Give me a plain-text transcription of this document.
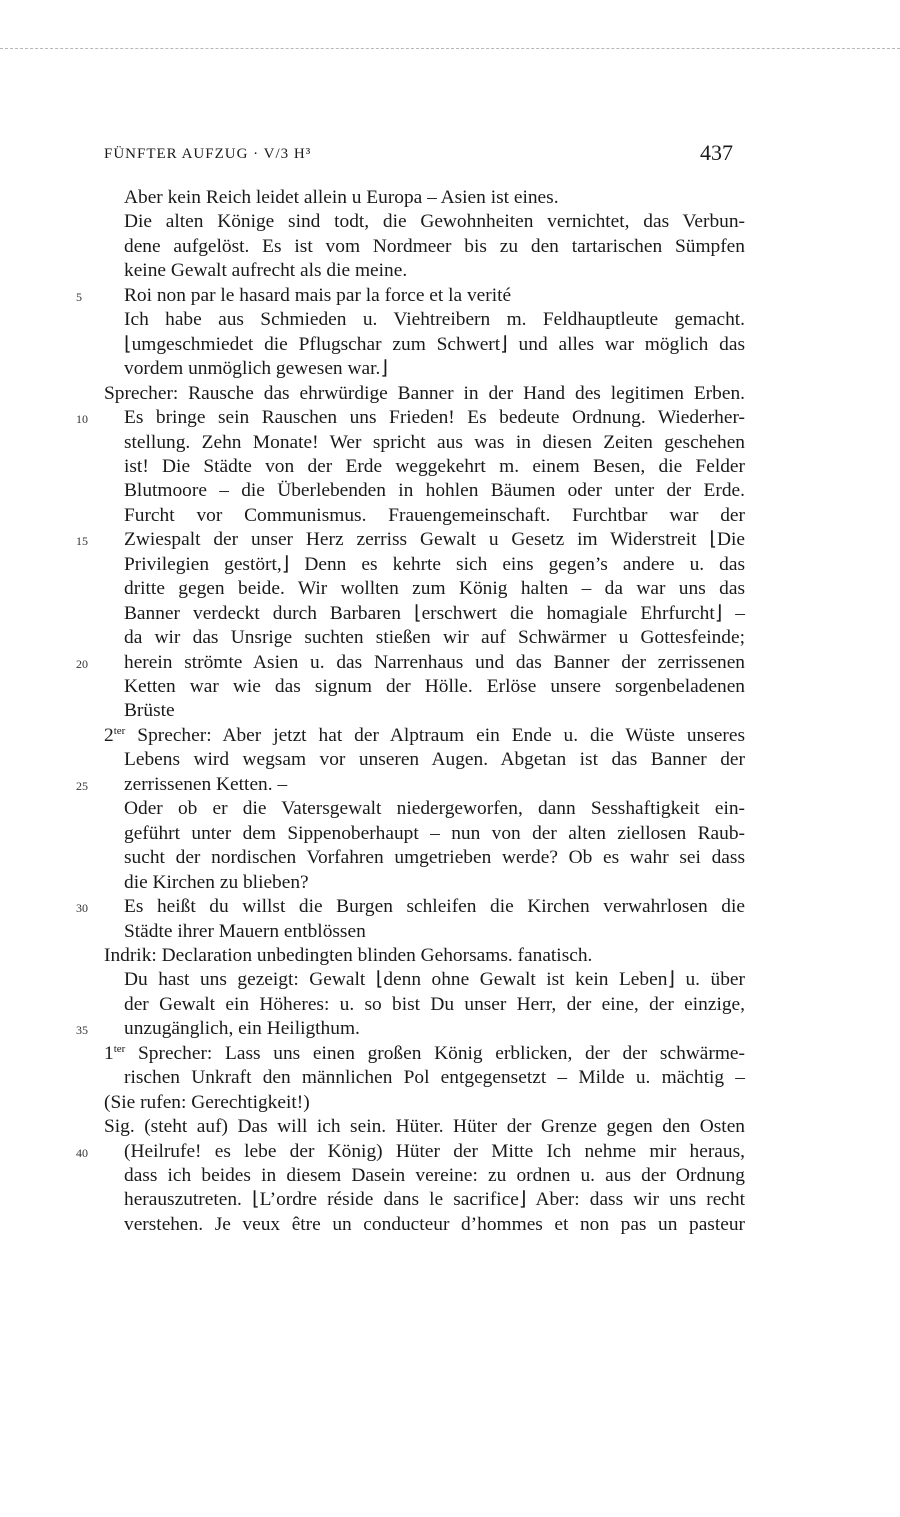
FÜNFTER AUFZUG · V/3 H³	437
Aber kein Reich leidet allein u Europa – Asien ist eines.
Die alten Könige sind todt, die Gewohnheiten vernichtet, das Verbun-
dene aufgelöst. Es ist vom Nordmeer bis zu den tartarischen Sümpfen
keine Gewalt aufrecht als die meine.
Roi non par le hasard mais par la force et la verité
5
Ich habe aus Schmieden u. Viehtreibern m. Feldhauptleute gemacht.
⌊umgeschmiedet die Pflugschar zum Schwert⌋ und alles war möglich das
vordem unmöglich gewesen war.⌋
Sprecher: Rausche das ehrwürdige Banner in der Hand des legitimen Erben.
Es bringe sein Rauschen uns Frieden! Es bedeute Ordnung. Wiederher-
10
stellung. Zehn Monate! Wer spricht aus was in diesen Zeiten geschehen
ist! Die Städte von der Erde weggekehrt m. einem Besen, die Felder
Blutmoore – die Überlebenden in hohlen Bäumen oder unter der Erde.
Furcht vor Communismus. Frauengemeinschaft. Furchtbar war der
Zwiespalt der unser Herz zerriss Gewalt u Gesetz im Widerstreit ⌊Die
15
Privilegien gestört,⌋ Denn es kehrte sich eins gegen’s andere u. das
dritte gegen beide. Wir wollten zum König halten – da war uns das
Banner verdeckt durch Barbaren ⌊erschwert die homagiale Ehrfurcht⌋ –
da wir das Unsrige suchten stießen wir auf Schwärmer u Gottesfeinde;
herein strömte Asien u. das Narrenhaus und das Banner der zerrissenen
20
Ketten war wie das signum der Hölle. Erlöse unsere sorgenbeladenen
Brüste
$2^{ter}$ Sprecher: Aber jetzt hat der Alptraum ein Ende u. die Wüste unseres
Lebens wird wegsam vor unseren Augen. Abgetan ist das Banner der
zerrissenen Ketten. –
25
Oder ob er die Vatersgewalt niedergeworfen, dann Sesshaftigkeit ein-
geführt unter dem Sippenoberhaupt – nun von der alten ziellosen Raub-
sucht der nordischen Vorfahren umgetrieben werde? Ob es wahr sei dass
die Kirchen zu blieben?
Es heißt du willst die Burgen schleifen die Kirchen verwahrlosen die
30
Städte ihrer Mauern entblössen
Indrik: Declaration unbedingten blinden Gehorsams. fanatisch.
Du hast uns gezeigt: Gewalt ⌊denn ohne Gewalt ist kein Leben⌋ u. über
der Gewalt ein Höheres: u. so bist Du unser Herr, der eine, der einzige,
unzugänglich, ein Heiligthum.
35
$1^{ter}$ Sprecher: Lass uns einen großen König erblicken, der der schwärme-
rischen Unkraft den männlichen Pol entgegensetzt – Milde u. mächtig –
(Sie rufen: Gerechtigkeit!)
Sig. (steht auf) Das will ich sein. Hüter. Hüter der Grenze gegen den Osten
(Heilrufe! es lebe der König) Hüter der Mitte Ich nehme mir heraus,
40
dass ich beides in diesem Dasein vereine: zu ordnen u. aus der Ordnung
herauszutreten. ⌊L’ordre réside dans le sacrifice⌋ Aber: dass wir uns recht
verstehen. Je veux être un conducteur d’hommes et non pas un pasteur
